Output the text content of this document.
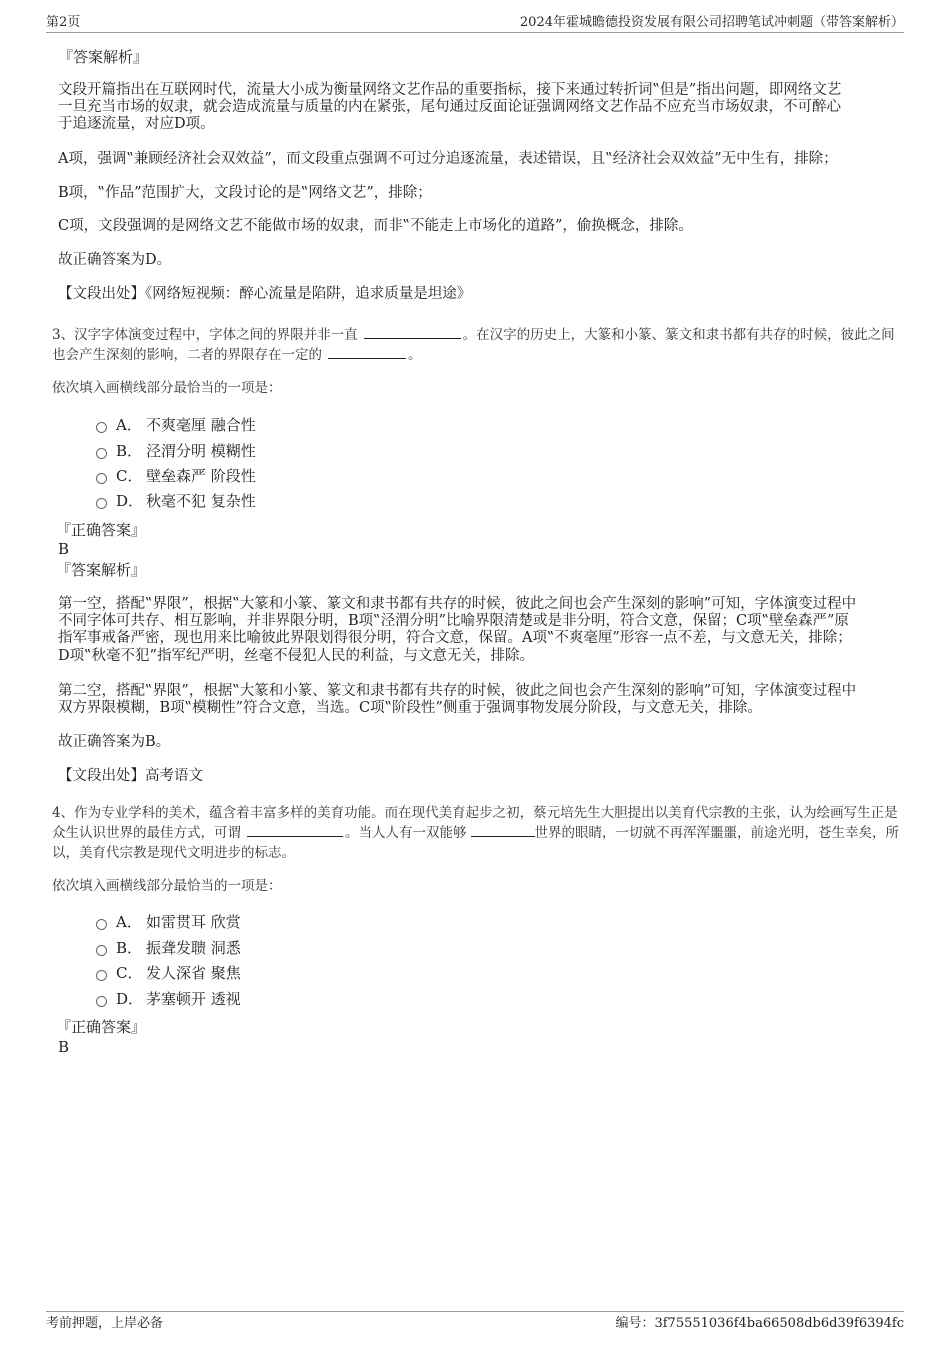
第2页	2024年霍城瞻德投资发展有限公司招聘笔试冲刺题（带答案解析）
『答案解析』
文段开篇指出在互联网时代，流量大小成为衡量网络文艺作品的重要指标，接下来通过转折词‟但是”指出问题，即网络文艺
一旦充当市场的奴隶，就会造成流量与质量的内在紧张，尾句通过反面论证强调网络文艺作品不应充当市场奴隶，不可醉心
于追逐流量，对应D项。
A项，强调‟兼顾经济社会双效益”，而文段重点强调不可过分追逐流量，表述错误，且‟经济社会双效益”无中生有，排除；
B项，‟作品”范围扩大，文段讨论的是‟网络文艺”，排除；
C项，文段强调的是网络文艺不能做市场的奴隶，而非‟不能走上市场化的道路”，偷换概念，排除。
故正确答案为D。
【文段出处】《网络短视频：醉心流量是陷阱，追求质量是坦途》
3、汉字字体演变过程中，字体之间的界限并非一直	。在汉字的历史上，大篆和小篆、篆文和隶书都有共存的时候，彼此之间
也会产生深刻的影响，二者的界限存在一定的	。
依次填入画横线部分最恰当的一项是：
A． 不爽毫厘 融合性
B． 泾渭分明 模糊性
C． 壁垒森严 阶段性
D． 秋毫不犯 复杂性
『正确答案』
B
『答案解析』
第一空，搭配‟界限”，根据‟大篆和小篆、篆文和隶书都有共存的时候，彼此之间也会产生深刻的影响”可知，字体演变过程中
不同字体可共存、相互影响，并非界限分明，B项‟泾渭分明”比喻界限清楚或是非分明，符合文意，保留；C项‟壁垒森严”原
指军事戒备严密，现也用来比喻彼此界限划得很分明，符合文意，保留。A项‟不爽毫厘”形容一点不差，与文意无关，排除；
D项‟秋毫不犯”指军纪严明，丝毫不侵犯人民的利益，与文意无关，排除。
第二空，搭配‟界限”，根据‟大篆和小篆、篆文和隶书都有共存的时候，彼此之间也会产生深刻的影响”可知，字体演变过程中
双方界限模糊，B项‟模糊性”符合文意，当选。C项‟阶段性”侧重于强调事物发展分阶段，与文意无关，排除。
故正确答案为B。
【文段出处】高考语文
4、作为专业学科的美术，蕴含着丰富多样的美育功能。而在现代美育起步之初，蔡元培先生大胆提出以美育代宗教的主张，认为绘画写生正是
众生认识世界的最佳方式，可谓	。当人人有一双能够	世界的眼睛，一切就不再浑浑噩噩，前途光明，苍生幸矣，所
以，美育代宗教是现代文明进步的标志。
依次填入画横线部分最恰当的一项是：
A． 如雷贯耳 欣赏
B． 振聋发聩 洞悉
C． 发人深省 聚焦
D． 茅塞顿开 透视
『正确答案』
B
考前押题，上岸必备	编号：3f75551036f4ba66508db6d39f6394fc
